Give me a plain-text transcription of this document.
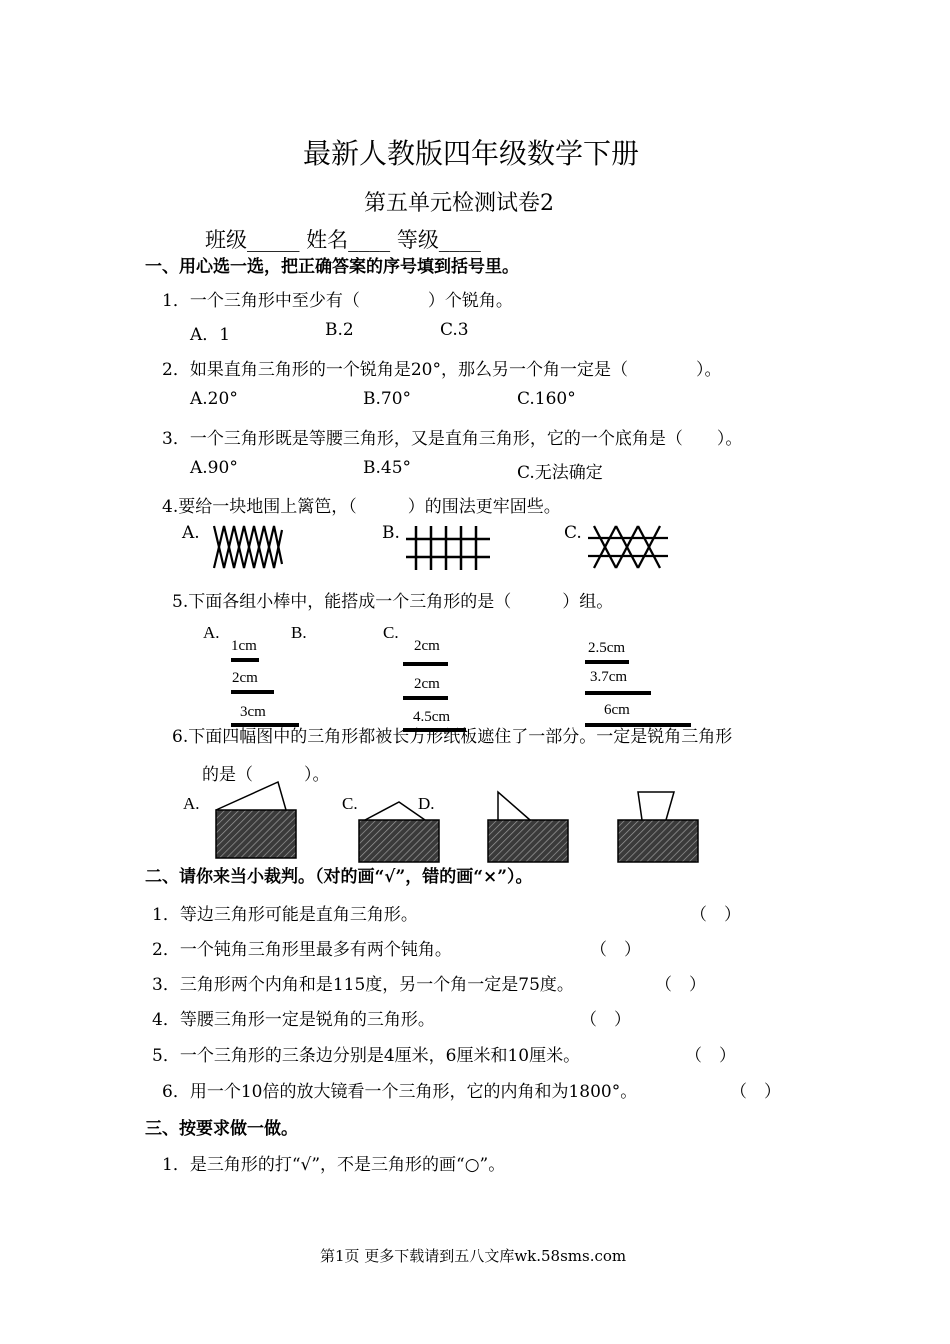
最新人教版四年级数学下册
第五单元检测试卷2
班级_____ 姓名____ 等级____
一、用心选一选，把正确答案的序号填到括号里。
1．一个三角形中至少有（　　　　）个锐角。
A．1	B.2	C.3
2．如果直角三角形的一个锐角是20°，那么另一个角一定是（　　　　）。
A.20°	B.70°	C.160°
3．一个三角形既是等腰三角形，又是直角三角形，它的一个底角是（　　）。
A.90°	B.45°	C.无法确定
4.要给一块地围上篱笆，（　　　）的围法更牢固些。
A.	B.	C.
5.下面各组小棒中，能搭成一个三角形的是（　　　）组。
A.	B.	C.
1cm
2cm
3cm
2cm
2cm
4.5cm
2.5cm
3.7cm
6cm
6.下面四幅图中的三角形都被长方形纸板遮住了一部分。一定是锐角三角形
的是（　　　）。
A.	C.	D.
二、请你来当小裁判。（对的画“√”，错的画“×”）。
1．等边三角形可能是直角三角形。	（　）
2．一个钝角三角形里最多有两个钝角。	（　）
3．三角形两个内角和是115度，另一个角一定是75度。	（　）
4．等腰三角形一定是锐角的三角形。	（　）
5．一个三角形的三条边分别是4厘米，6厘米和10厘米。	（　）
6．用一个10倍的放大镜看一个三角形，它的内角和为1800°。	（　）
三、按要求做一做。
1．是三角形的打“√”，不是三角形的画“○”。
第1页 更多下载请到五八文库wk.58sms.com
